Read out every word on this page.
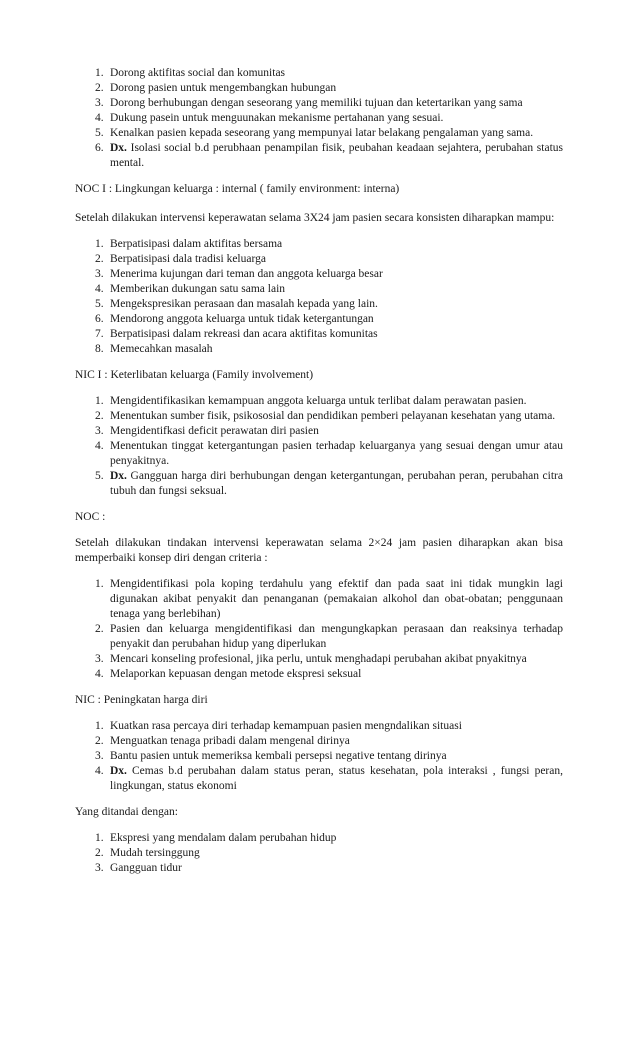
1. Dorong aktifitas social dan komunitas
2. Dorong pasien untuk mengembangkan hubungan
3. Dorong berhubungan dengan seseorang yang memiliki tujuan dan ketertarikan yang sama
4. Dukung pasein untuk menguunakan mekanisme pertahanan yang sesuai.
5. Kenalkan pasien kepada seseorang yang mempunyai latar belakang pengalaman yang sama.
6. Dx. Isolasi social b.d perubhaan penampilan fisik, peubahan keadaan sejahtera, perubahan status mental.

NOC I : Lingkungan keluarga : internal ( family environment: interna)

Setelah dilakukan intervensi keperawatan selama 3X24 jam pasien secara konsisten diharapkan mampu:

1. Berpatisipasi dalam aktifitas bersama
2. Berpatisipasi dala tradisi keluarga
3. Menerima kujungan dari teman dan anggota keluarga besar
4. Memberikan dukungan satu sama lain
5. Mengekspresikan perasaan dan masalah kepada yang lain.
6. Mendorong anggota keluarga untuk tidak ketergantungan
7. Berpatisipasi dalam rekreasi dan acara aktifitas komunitas
8. Memecahkan masalah

NIC I : Keterlibatan keluarga (Family involvement)

1. Mengidentifikasikan kemampuan anggota keluarga untuk terlibat dalam perawatan pasien.
2. Menentukan sumber fisik, psikososial dan pendidikan pemberi pelayanan kesehatan yang utama.
3. Mengidentifkasi deficit perawatan diri pasien
4. Menentukan tinggat ketergantungan pasien terhadap keluarganya yang sesuai dengan umur atau penyakitnya.
5. Dx. Gangguan harga diri berhubungan dengan ketergantungan, perubahan peran, perubahan citra tubuh dan fungsi seksual.

NOC :

Setelah dilakukan tindakan intervensi keperawatan selama 2×24 jam pasien diharapkan akan bisa memperbaiki konsep diri dengan criteria :

1. Mengidentifikasi pola koping terdahulu yang efektif dan pada saat ini tidak mungkin lagi digunakan akibat penyakit dan penanganan (pemakaian alkohol dan obat-obatan; penggunaan tenaga yang berlebihan)
2. Pasien dan keluarga mengidentifikasi dan mengungkapkan perasaan dan reaksinya terhadap penyakit dan perubahan hidup yang diperlukan
3. Mencari konseling profesional, jika perlu, untuk menghadapi perubahan akibat pnyakitnya
4. Melaporkan kepuasan dengan metode ekspresi seksual

NIC : Peningkatan harga diri

1. Kuatkan rasa percaya diri terhadap kemampuan pasien mengndalikan situasi
2. Menguatkan tenaga pribadi dalam mengenal dirinya
3. Bantu pasien untuk memeriksa kembali persepsi negative tentang dirinya
4. Dx. Cemas b.d perubahan dalam status peran, status kesehatan, pola interaksi , fungsi peran, lingkungan, status ekonomi

Yang ditandai dengan:

1. Ekspresi yang mendalam dalam perubahan hidup
2. Mudah tersinggung
3. Gangguan tidur
